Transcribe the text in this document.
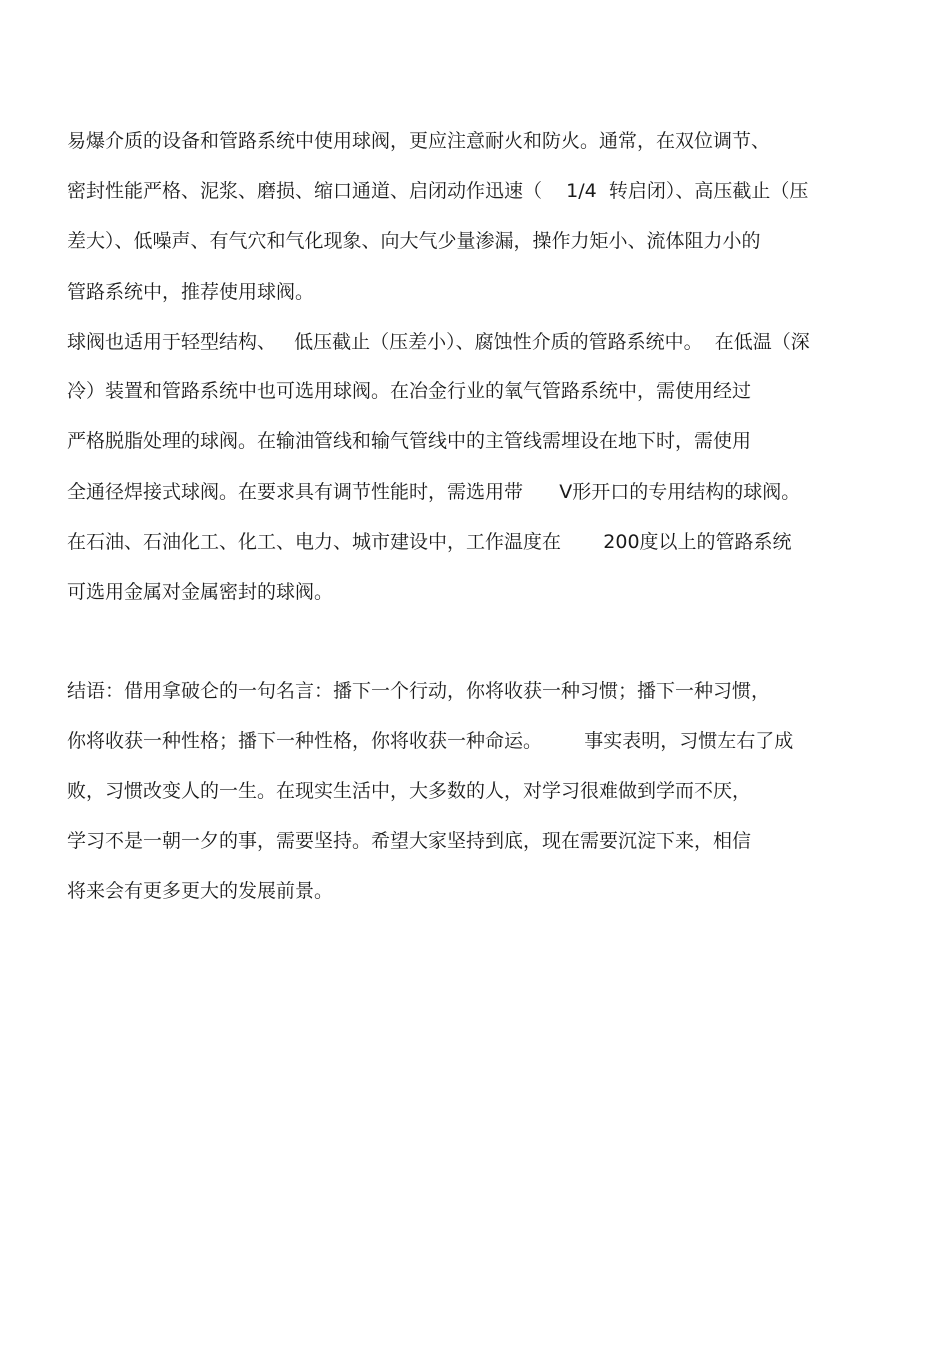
易爆介质的设备和管路系统中使用球阀，更应注意耐火和防火。通常，在双位调节、
密封性能严格、泥浆、磨损、缩口通道、启闭动作迅速（    1/4  转启闭）、高压截止（压
差大）、低噪声、有气穴和气化现象、向大气少量渗漏，操作力矩小、流体阻力小的
管路系统中，推荐使用球阀。
球阀也适用于轻型结构、   低压截止（压差小）、腐蚀性介质的管路系统中。  在低温（深
冷）装置和管路系统中也可选用球阀。在冶金行业的氧气管路系统中，需使用经过
严格脱脂处理的球阀。在输油管线和输气管线中的主管线需埋设在地下时，需使用
全通径焊接式球阀。在要求具有调节性能时，需选用带      V形开口的专用结构的球阀。
在石油、石油化工、化工、电力、城市建设中，工作温度在       200度以上的管路系统
可选用金属对金属密封的球阀。
结语：借用拿破仑的一句名言：播下一个行动，你将收获一种习惯；播下一种习惯，
你将收获一种性格；播下一种性格，你将收获一种命运。       事实表明，习惯左右了成
败，习惯改变人的一生。在现实生活中，大多数的人，对学习很难做到学而不厌，
学习不是一朝一夕的事，需要坚持。希望大家坚持到底，现在需要沉淀下来，相信
将来会有更多更大的发展前景。
